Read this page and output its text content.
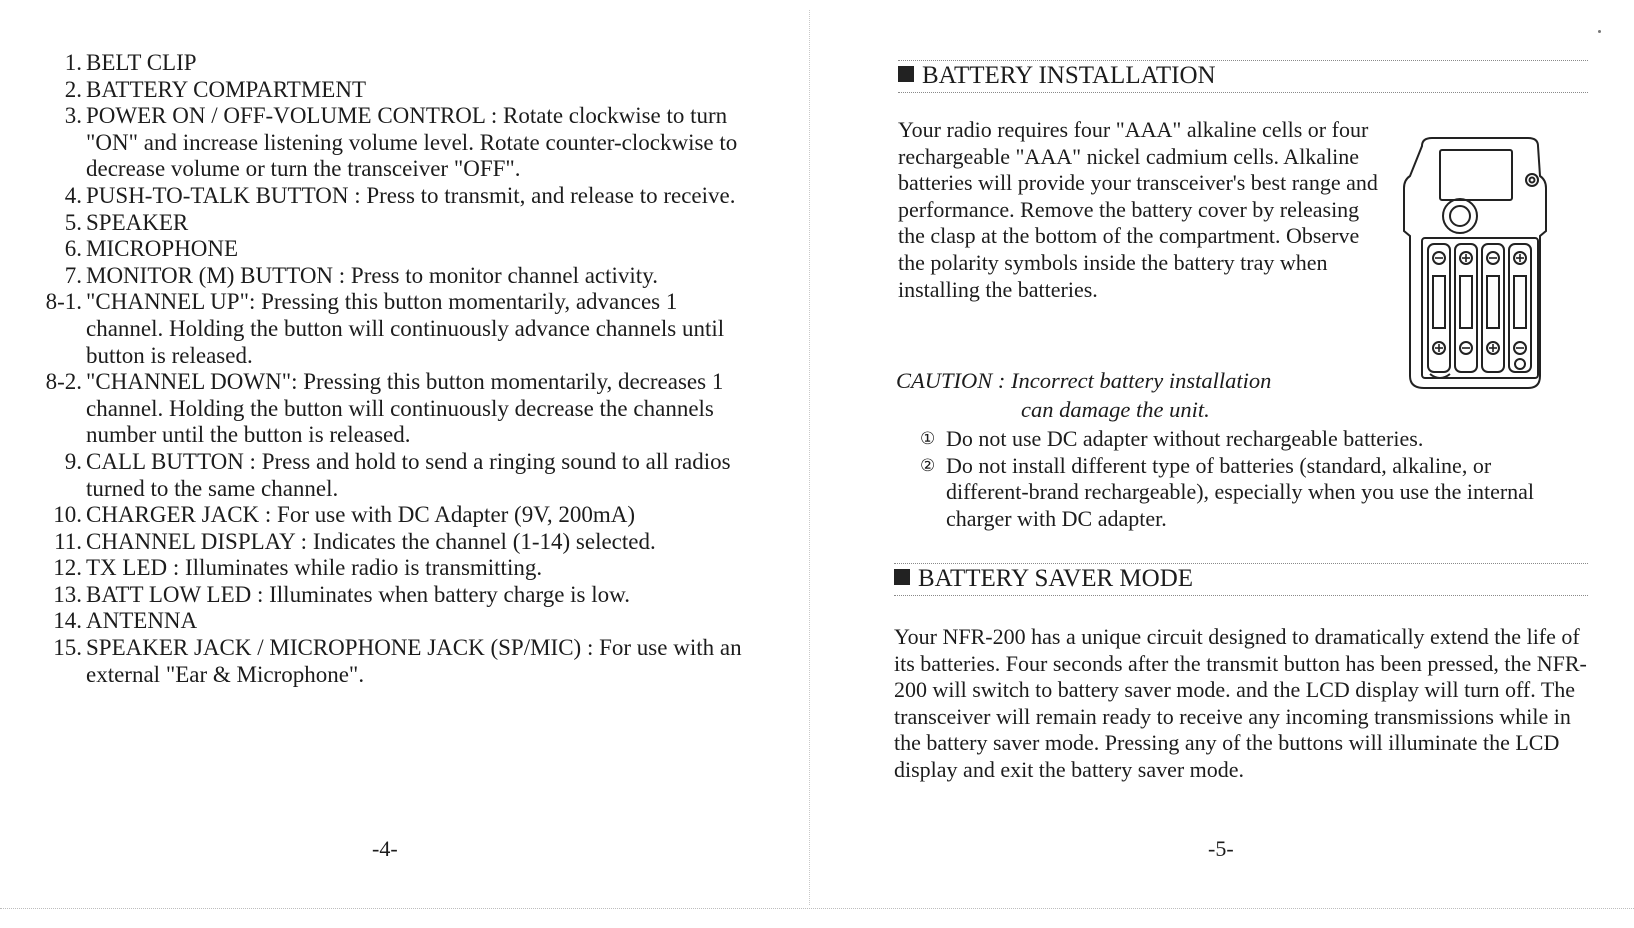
1. BELT CLIP
2. BATTERY COMPARTMENT
3. POWER ON / OFF-VOLUME CONTROL : Rotate clockwise to turn "ON" and increase listening volume level. Rotate counter-clockwise to decrease volume or turn the transceiver "OFF".
4. PUSH-TO-TALK BUTTON : Press to transmit, and release to receive.
5. SPEAKER
6. MICROPHONE
7. MONITOR (M) BUTTON : Press to monitor channel activity.
8-1. "CHANNEL UP": Pressing this button momentarily, advances 1 channel. Holding the button will continuously advance channels until button is released.
8-2. "CHANNEL DOWN": Pressing this button momentarily, decreases 1 channel. Holding the button will continuously decrease the channels number until the button is released.
9. CALL BUTTON : Press and hold to send a ringing sound to all radios turned to the same channel.
10. CHARGER JACK : For use with DC Adapter (9V, 200mA)
11. CHANNEL DISPLAY : Indicates the channel (1-14) selected.
12. TX LED : Illuminates while radio is transmitting.
13. BATT LOW LED : Illuminates when battery charge is low.
14. ANTENNA
15. SPEAKER JACK / MICROPHONE JACK (SP/MIC) : For use with an external "Ear & Microphone".
-4-
BATTERY INSTALLATION

Your radio requires four "AAA" alkaline cells or four rechargeable "AAA" nickel cadmium cells. Alkaline batteries will provide your transceiver's best range and performance. Remove the battery cover by releasing the clasp at the bottom of the compartment. Observe the polarity symbols inside the battery tray when installing the batteries.

CAUTION : Incorrect battery installation
can damage the unit.
① Do not use DC adapter without rechargeable batteries.
② Do not install different type of batteries (standard, alkaline, or different-brand rechargeable), especially when you use the internal charger with DC adapter.
BATTERY SAVER MODE

Your NFR-200 has a unique circuit designed to dramatically extend the life of its batteries. Four seconds after the transmit button has been pressed, the NFR-200 will switch to battery saver mode. and the LCD display will turn off. The transceiver will remain ready to receive any incoming transmissions while in the battery saver mode. Pressing any of the buttons will illuminate the LCD display and exit the battery saver mode.

-5-
